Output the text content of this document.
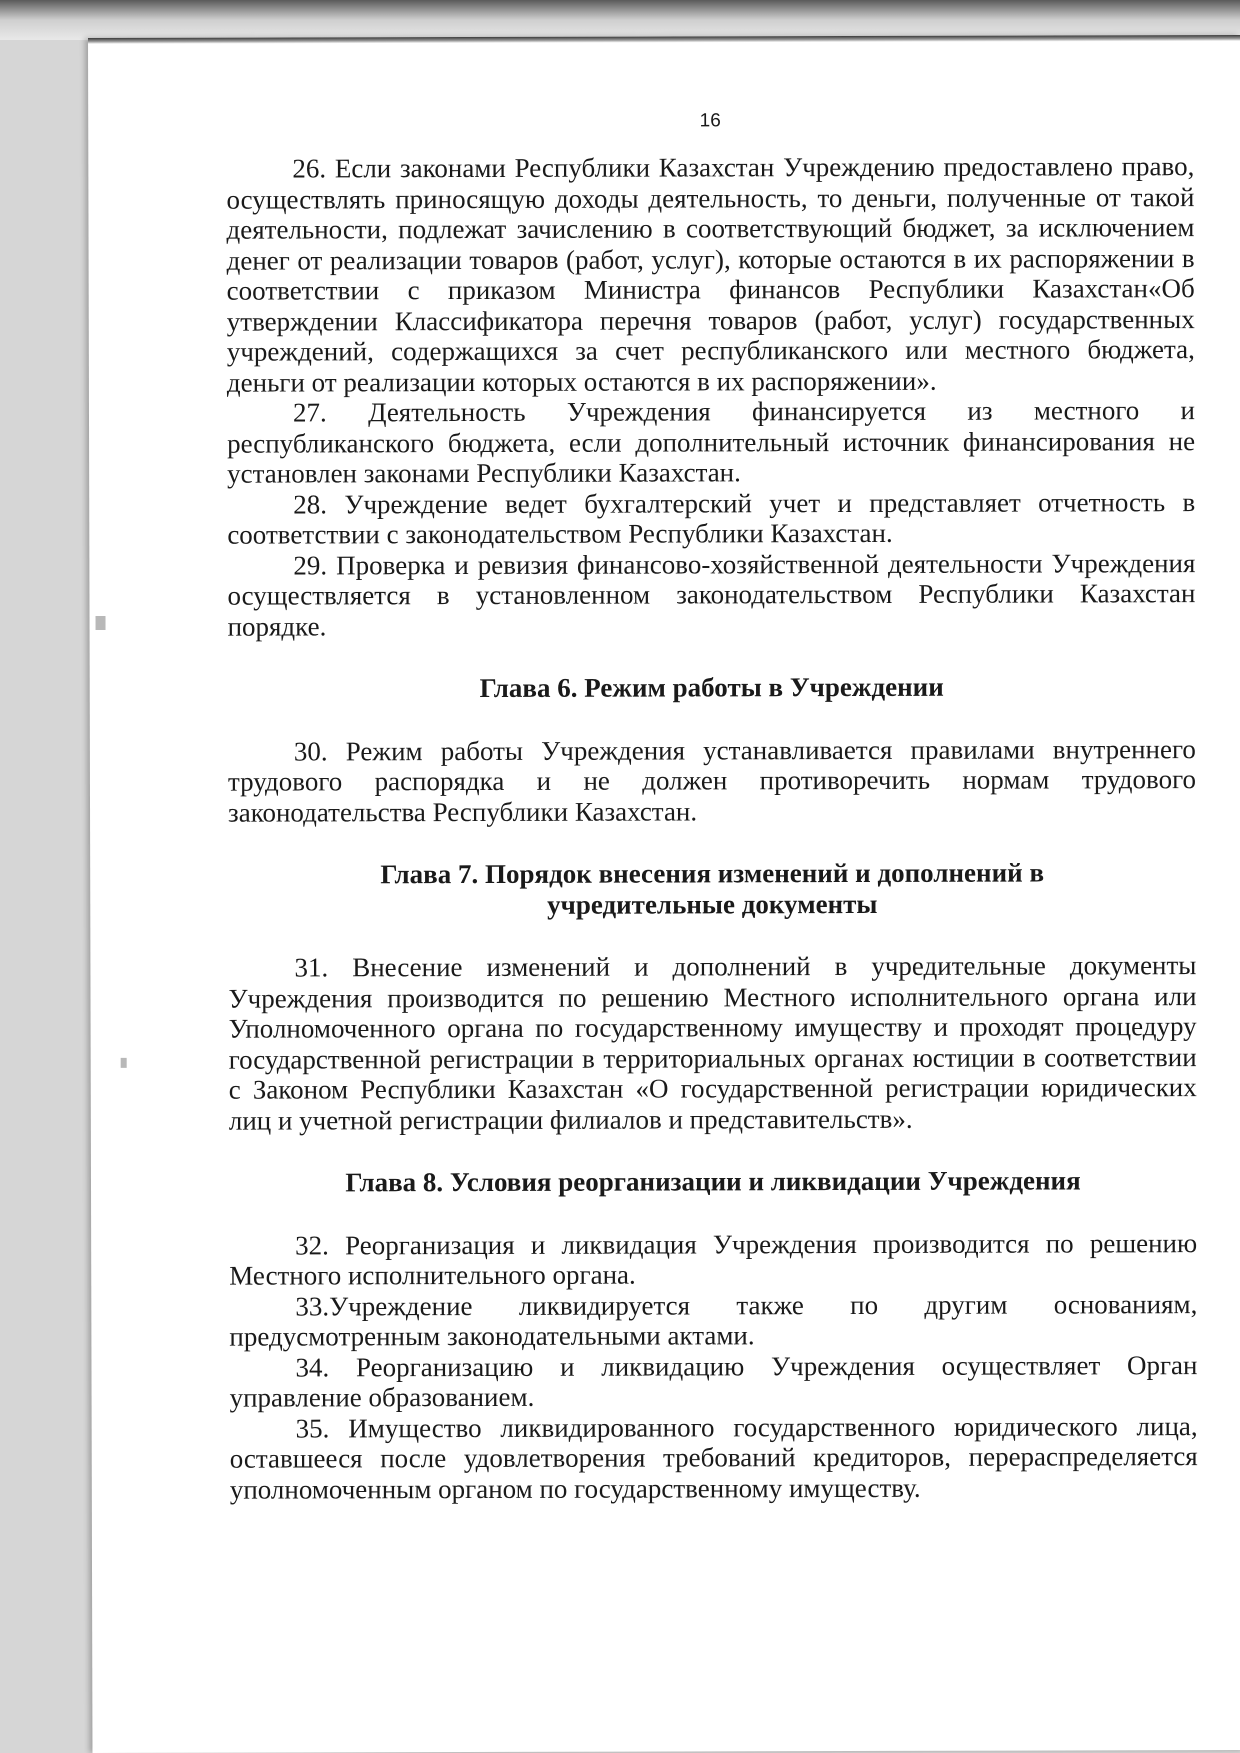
16

26. Если законами Республики Казахстан Учреждению предоставлено право, осуществлять приносящую доходы деятельность, то деньги, полученные от такой деятельности, подлежат зачислению в соответствующий бюджет, за исключением денег от реализации товаров (работ, услуг), которые остаются в их распоряжении в соответствии с приказом Министра финансов Республики Казахстан«Об утверждении Классификатора перечня товаров (работ, услуг) государственных учреждений, содержащихся за счет республиканского или местного бюджета, деньги от реализации которых остаются в их распоряжении».

27. Деятельность Учреждения финансируется из местного и республиканского бюджета, если дополнительный источник финансирования не установлен законами Республики Казахстан.

28. Учреждение ведет бухгалтерский учет и представляет отчетность в соответствии с законодательством Республики Казахстан.

29. Проверка и ревизия финансово-хозяйственной деятельности Учреждения осуществляется в установленном законодательством Республики Казахстан порядке.

Глава 6. Режим работы в Учреждении

30. Режим работы Учреждения устанавливается правилами внутреннего трудового распорядка и не должен противоречить нормам трудового законодательства Республики Казахстан.

Глава 7. Порядок внесения изменений и дополнений в

учредительные документы

31. Внесение изменений и дополнений в учредительные документы Учреждения производится по решению Местного исполнительного органа или Уполномоченного органа по государственному имуществу и проходят процедуру государственной регистрации в территориальных органах юстиции в соответствии с Законом Республики Казахстан «О государственной регистрации юридических лиц и учетной регистрации филиалов и представительств».

Глава 8. Условия реорганизации и ликвидации Учреждения

32. Реорганизация и ликвидация Учреждения производится по решению Местного исполнительного органа.

33.Учреждение ликвидируется также по другим основаниям, предусмотренным законодательными актами.

34. Реорганизацию и ликвидацию Учреждения осуществляет Орган управление образованием.

35. Имущество ликвидированного государственного юридического лица, оставшееся после удовлетворения требований кредиторов, перераспределяется уполномоченным органом по государственному имуществу.
